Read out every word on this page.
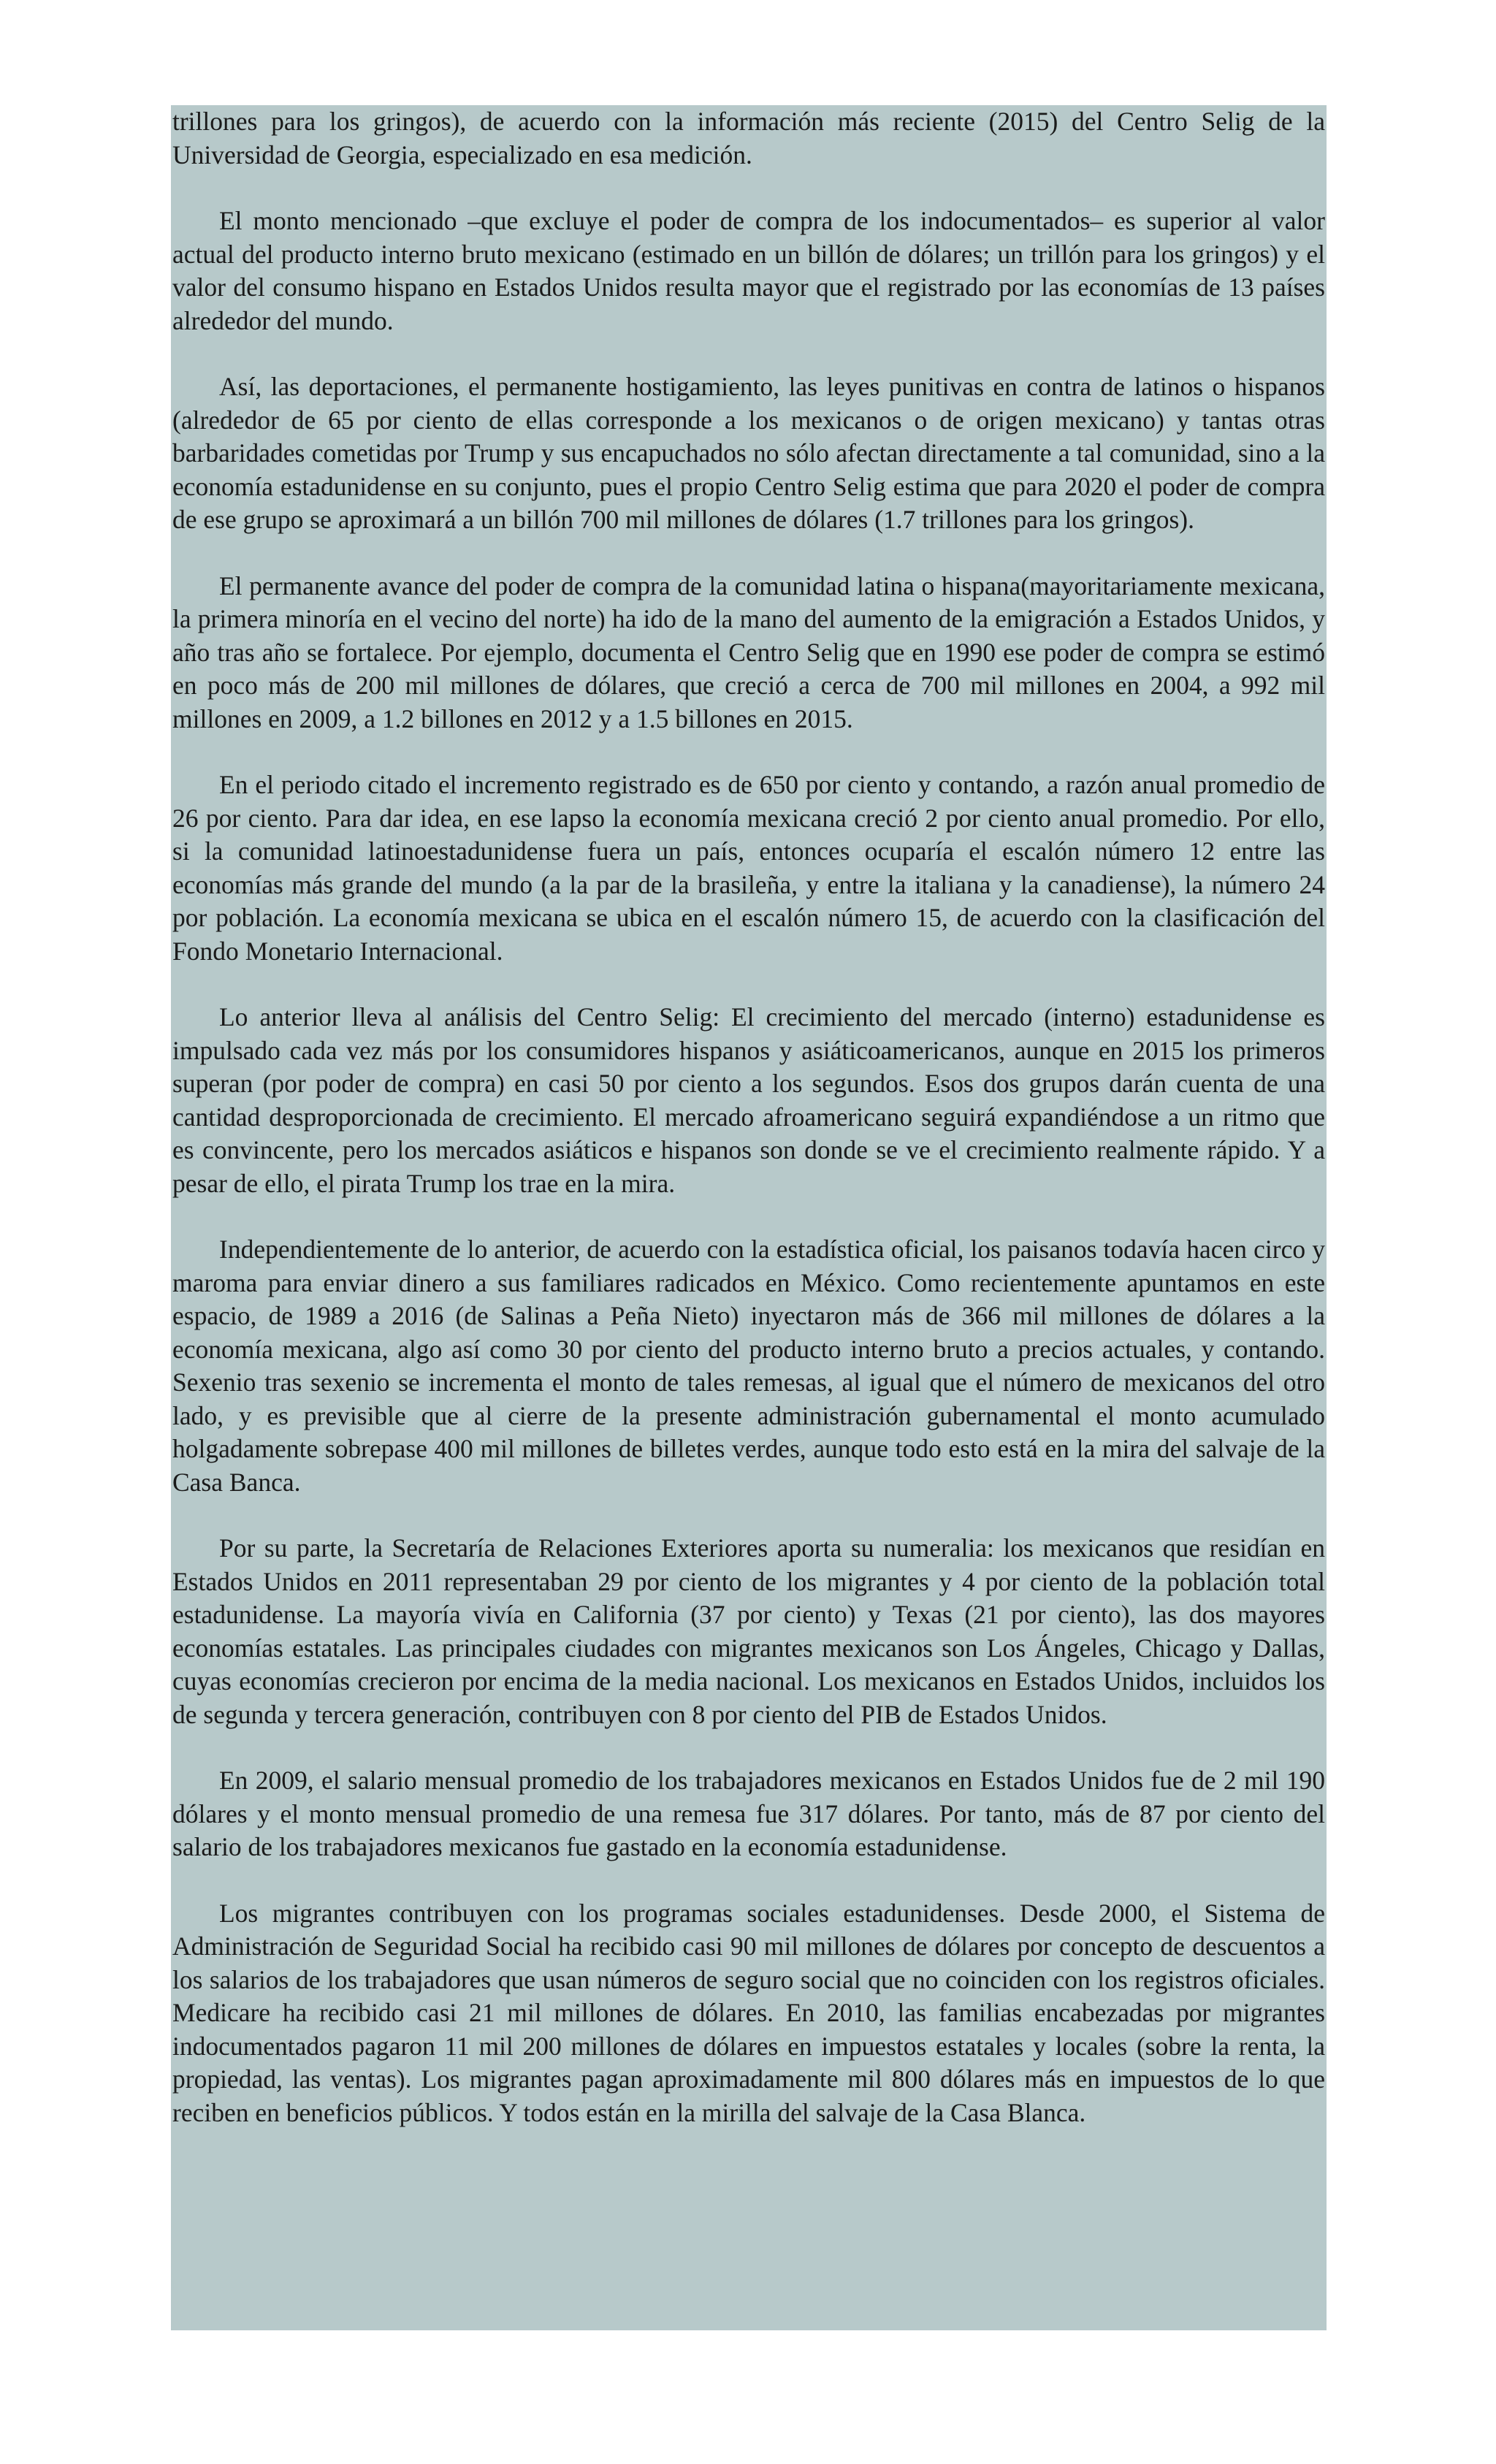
trillones para los gringos), de acuerdo con la información más reciente (2015) del Centro Selig de la Universidad de Georgia, especializado en esa medición.

El monto mencionado –que excluye el poder de compra de los indocumentados– es superior al valor actual del producto interno bruto mexicano (estimado en un billón de dólares; un trillón para los gringos) y el valor del consumo hispano en Estados Unidos resulta mayor que el registrado por las economías de 13 países alrededor del mundo.

Así, las deportaciones, el permanente hostigamiento, las leyes punitivas en contra de latinos o hispanos (alrededor de 65 por ciento de ellas corresponde a los mexicanos o de origen mexicano) y tantas otras barbaridades cometidas por Trump y sus encapuchados no sólo afectan directamente a tal comunidad, sino a la economía estadunidense en su conjunto, pues el propio Centro Selig estima que para 2020 el poder de compra de ese grupo se aproximará a un billón 700 mil millones de dólares (1.7 trillones para los gringos).

El permanente avance del poder de compra de la comunidad latina o hispana(mayoritariamente mexicana, la primera minoría en el vecino del norte) ha ido de la mano del aumento de la emigración a Estados Unidos, y año tras año se fortalece. Por ejemplo, documenta el Centro Selig que en 1990 ese poder de compra se estimó en poco más de 200 mil millones de dólares, que creció a cerca de 700 mil millones en 2004, a 992 mil millones en 2009, a 1.2 billones en 2012 y a 1.5 billones en 2015.

En el periodo citado el incremento registrado es de 650 por ciento y contando, a razón anual promedio de 26 por ciento. Para dar idea, en ese lapso la economía mexicana creció 2 por ciento anual promedio. Por ello, si la comunidad latinoestadunidense fuera un país, entonces ocuparía el escalón número 12 entre las economías más grande del mundo (a la par de la brasileña, y entre la italiana y la canadiense), la número 24 por población. La economía mexicana se ubica en el escalón número 15, de acuerdo con la clasificación del Fondo Monetario Internacional.

Lo anterior lleva al análisis del Centro Selig: El crecimiento del mercado (interno) estadunidense es impulsado cada vez más por los consumidores hispanos y asiáticoamericanos, aunque en 2015 los primeros superan (por poder de compra) en casi 50 por ciento a los segundos. Esos dos grupos darán cuenta de una cantidad desproporcionada de crecimiento. El mercado afroamericano seguirá expandiéndose a un ritmo que es convincente, pero los mercados asiáticos e hispanos son donde se ve el crecimiento realmente rápido. Y a pesar de ello, el pirata Trump los trae en la mira.

Independientemente de lo anterior, de acuerdo con la estadística oficial, los paisanos todavía hacen circo y maroma para enviar dinero a sus familiares radicados en México. Como recientemente apuntamos en este espacio, de 1989 a 2016 (de Salinas a Peña Nieto) inyectaron más de 366 mil millones de dólares a la economía mexicana, algo así como 30 por ciento del producto interno bruto a precios actuales, y contando. Sexenio tras sexenio se incrementa el monto de tales remesas, al igual que el número de mexicanos del otro lado, y es previsible que al cierre de la presente administración gubernamental el monto acumulado holgadamente sobrepase 400 mil millones de billetes verdes, aunque todo esto está en la mira del salvaje de la Casa Banca.

Por su parte, la Secretaría de Relaciones Exteriores aporta su numeralia: los mexicanos que residían en Estados Unidos en 2011 representaban 29 por ciento de los migrantes y 4 por ciento de la población total estadunidense. La mayoría vivía en California (37 por ciento) y Texas (21 por ciento), las dos mayores economías estatales. Las principales ciudades con migrantes mexicanos son Los Ángeles, Chicago y Dallas, cuyas economías crecieron por encima de la media nacional. Los mexicanos en Estados Unidos, incluidos los de segunda y tercera generación, contribuyen con 8 por ciento del PIB de Estados Unidos.

En 2009, el salario mensual promedio de los trabajadores mexicanos en Estados Unidos fue de 2 mil 190 dólares y el monto mensual promedio de una remesa fue 317 dólares. Por tanto, más de 87 por ciento del salario de los trabajadores mexicanos fue gastado en la economía estadunidense.

Los migrantes contribuyen con los programas sociales estadunidenses. Desde 2000, el Sistema de Administración de Seguridad Social ha recibido casi 90 mil millones de dólares por concepto de descuentos a los salarios de los trabajadores que usan números de seguro social que no coinciden con los registros oficiales. Medicare ha recibido casi 21 mil millones de dólares. En 2010, las familias encabezadas por migrantes indocumentados pagaron 11 mil 200 millones de dólares en impuestos estatales y locales (sobre la renta, la propiedad, las ventas). Los migrantes pagan aproximadamente mil 800 dólares más en impuestos de lo que reciben en beneficios públicos. Y todos están en la mirilla del salvaje de la Casa Blanca.
